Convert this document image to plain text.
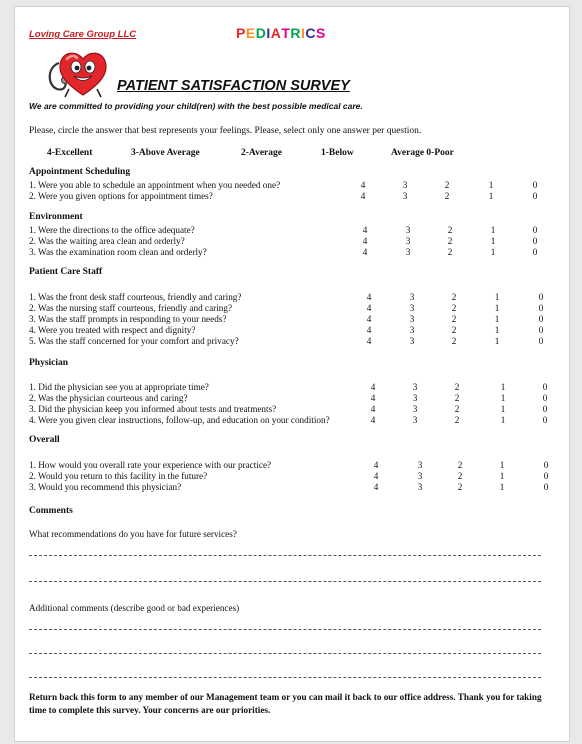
Loving Care Group LLC	PEDIATRICS
PATIENT SATISFACTION SURVEY
We are committed to providing your child(ren) with the best possible medical care.
Please, circle the answer that best represents your feelings. Please, select only one answer per question.
4-Excellent	3-Above Average	2-Average	1-Below	Average 0-Poor
Appointment Scheduling
1. Were you able to schedule an appointment when you needed one?	4	3	2	1	0
2. Were you given options for appointment times?	4	3	2	1	0
Environment
1. Were the directions to the office adequate?	4	3	2	1	0
2. Was the waiting area clean and orderly?	4	3	2	1	0
3. Was the examination room clean and orderly?	4	3	2	1	0
Patient Care Staff
1. Was the front desk staff courteous, friendly and caring?	4	3	2	1	0
2. Was the nursing staff courteous, friendly and caring?	4	3	2	1	0
3. Was the staff prompts in responding to your needs?	4	3	2	1	0
4. Were you treated with respect and dignity?	4	3	2	1	0
5. Was the staff concerned for your comfort and privacy?	4	3	2	1	0
Physician
1. Did the physician see you at appropriate time?	4	3	2	1	0
2. Was the physician courteous and caring?	4	3	2	1	0
3. Did the physician keep you informed about tests and treatments?	4	3	2	1	0
4. Were you given clear instructions, follow-up, and education on your condition?	4	3	2	1	0
Overall
1. How would you overall rate your experience with our practice?	4	3	2	1	0
2. Would you return to this facility in the future?	4	3	2	1	0
3. Would you recommend this physician?	4	3	2	1	0
Comments
What recommendations do you have for future services?
Additional comments (describe good or bad experiences)
Return back this form to any member of our Management team or you can mail it back to our office address. Thank you for taking time to complete this survey. Your concerns are our priorities.
